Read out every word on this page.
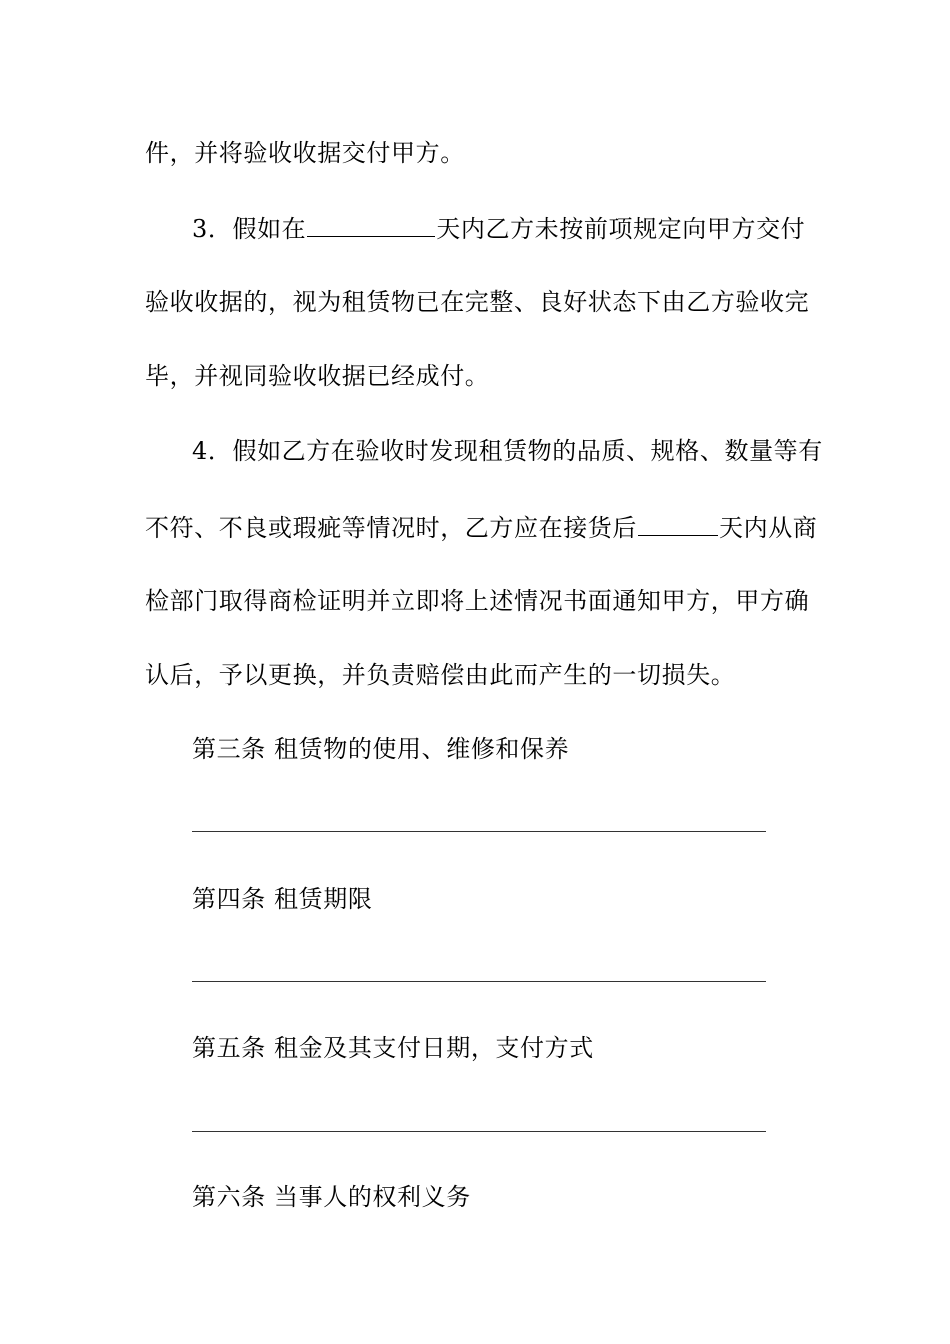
件，并将验收收据交付甲方。
3．假如在	天内乙方未按前项规定向甲方交付
验收收据的，视为租赁物已在完整、良好状态下由乙方验收完
毕，并视同验收收据已经成付。
4．假如乙方在验收时发现租赁物的品质、规格、数量等有
不符、不良或瑕疵等情况时，乙方应在接货后	天内从商
检部门取得商检证明并立即将上述情况书面通知甲方，甲方确
认后，予以更换，并负责赔偿由此而产生的一切损失。
第三条 租赁物的使用、维修和保养
第四条 租赁期限
第五条 租金及其支付日期，支付方式
第六条 当事人的权利义务
